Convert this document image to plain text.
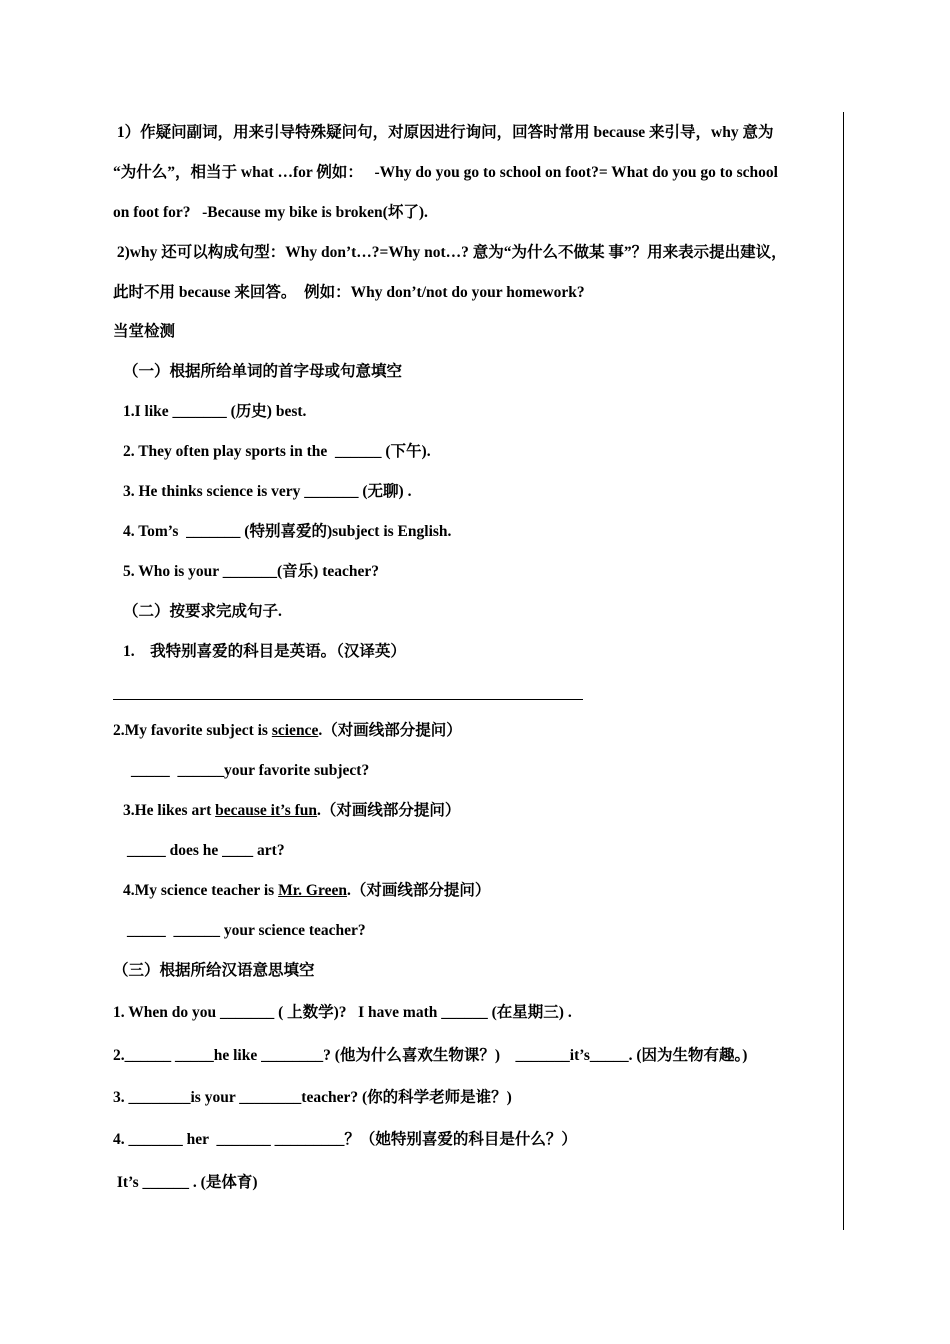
1）作疑问副词，用来引导特殊疑问句，对原因进行询问，回答时常用 because 来引导，why 意为
“为什么”，相当于 what …for 例如：   -Why do you go to school on foot?= What do you go to school
on foot for?   -Because my bike is broken(坏了).
2)why 还可以构成句型：Why don’t…?=Why not…? 意为“为什么不做某 事”？用来表示提出建议，
此时不用 because 来回答。  例如：Why don’t/not do your homework?
当堂检测
（一）根据所给单词的首字母或句意填空
1.I like _______ (历史) best.
2. They often play sports in the  ______ (下午).
3. He thinks science is very _______ (无聊) .
4. Tom’s  _______ (特别喜爱的)subject is English.
5. Who is your _______(音乐) teacher?
（二）按要求完成句子.
1.    我特别喜爱的科目是英语。（汉译英）
2.My favorite subject is science.（对画线部分提问）
_____  ______your favorite subject?
3.He likes art because it’s fun.（对画线部分提问）
_____ does he ____ art?
4.My science teacher is Mr. Green.（对画线部分提问）
_____  ______ your science teacher?
（三）根据所给汉语意思填空
1. When do you _______ ( 上数学)?   I have math ______ (在星期三) .
2.______ _____he like ________? (他为什么喜欢生物课？)    _______it’s_____. (因为生物有趣。)
3. ________is your ________teacher? (你的科学老师是谁？)
4. _______ her  _______ _________？（她特别喜爱的科目是什么？）
It’s ______ . (是体育)
